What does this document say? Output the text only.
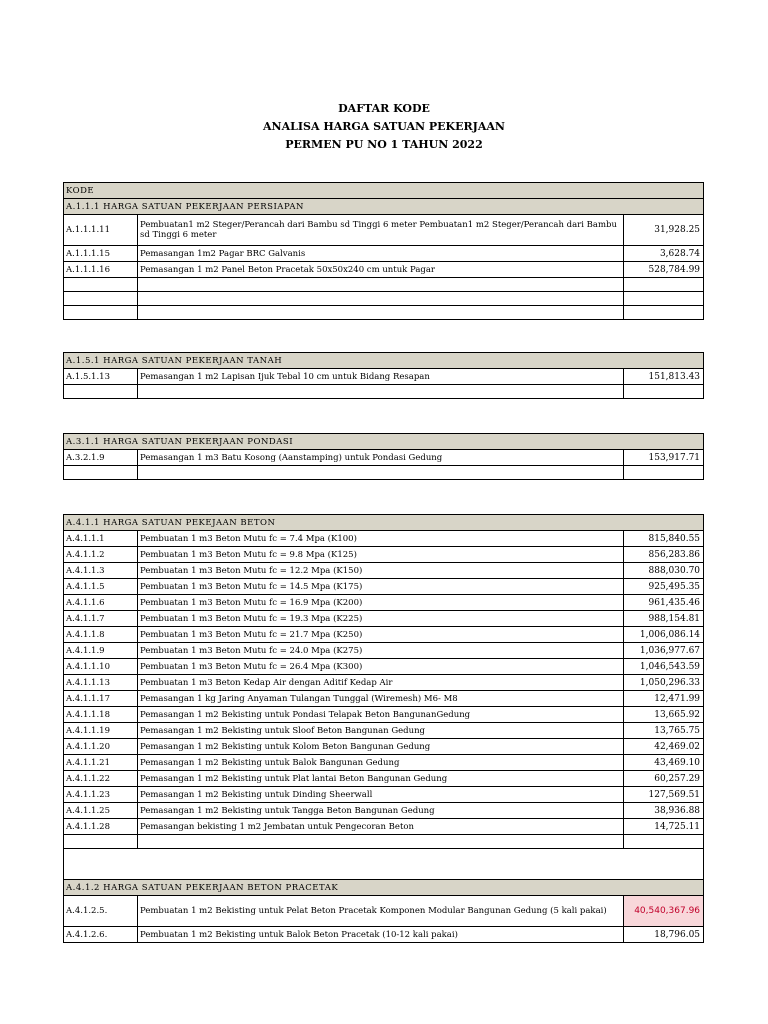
DAFTAR KODE
ANALISA HARGA SATUAN PEKERJAAN
PERMEN PU NO 1 TAHUN 2022
KODE		
A.1.1.1 HARGA SATUAN PEKERJAAN PERSIAPAN		
A.1.1.1.11	Pembuatan1 m2 Steger/Perancah dari Bambu sd Tinggi 6 meter Pembuatan1 m2 Steger/Perancah dari Bambu sd Tinggi 6 meter	31,928.25
A.1.1.1.15	Pemasangan 1m2 Pagar BRC Galvanis	3,628.74
A.1.1.1.16	Pemasangan 1 m2 Panel Beton Pracetak 50x50x240 cm untuk Pagar	528,784.99

A.1.5.1 HARGA SATUAN PEKERJAAN TANAH		
A.1.5.1.13	Pemasangan 1 m2 Lapisan Ijuk Tebal 10 cm untuk Bidang Resapan	151,813.43

A.3.1.1 HARGA SATUAN PEKERJAAN PONDASI		
A.3.2.1.9	Pemasangan 1 m3 Batu Kosong (Aanstamping) untuk Pondasi Gedung	153,917.71

A.4.1.1 HARGA SATUAN PEKEJAAN BETON		
A.4.1.1.1	Pembuatan 1 m3 Beton Mutu fc = 7.4 Mpa (K100)	815,840.55
A.4.1.1.2	Pembuatan 1 m3 Beton Mutu fc = 9.8 Mpa (K125)	856,283.86
A.4.1.1.3	Pembuatan 1 m3 Beton Mutu fc = 12.2 Mpa (K150)	888,030.70
A.4.1.1.5	Pembuatan 1 m3 Beton Mutu fc = 14.5 Mpa (K175)	925,495.35
A.4.1.1.6	Pembuatan 1 m3 Beton Mutu fc = 16.9 Mpa (K200)	961,435.46
A.4.1.1.7	Pembuatan 1 m3 Beton Mutu fc = 19.3 Mpa (K225)	988,154.81
A.4.1.1.8	Pembuatan 1 m3 Beton Mutu fc = 21.7 Mpa (K250)	1,006,086.14
A.4.1.1.9	Pembuatan 1 m3 Beton Mutu fc = 24.0 Mpa (K275)	1,036,977.67
A.4.1.1.10	Pembuatan 1 m3 Beton Mutu fc = 26.4 Mpa (K300)	1,046,543.59
A.4.1.1.13	Pembuatan 1 m3 Beton Kedap Air dengan Aditif Kedap Air	1,050,296.33
A.4.1.1.17	Pemasangan 1 kg Jaring Anyaman Tulangan Tunggal (Wiremesh) M6- M8	12,471.99
A.4.1.1.18	Pemasangan 1 m2 Bekisting untuk Pondasi Telapak Beton BangunanGedung	13,665.92
A.4.1.1.19	Pemasangan 1 m2 Bekisting untuk Sloof Beton Bangunan Gedung	13,765.75
A.4.1.1.20	Pemasangan 1 m2 Bekisting untuk Kolom Beton Bangunan Gedung	42,469.02
A.4.1.1.21	Pemasangan 1 m2 Bekisting untuk Balok Bangunan Gedung	43,469.10
A.4.1.1.22	Pemasangan 1 m2 Bekisting untuk Plat lantai Beton Bangunan Gedung	60,257.29
A.4.1.1.23	Pemasangan 1 m2 Bekisting untuk Dinding Sheerwall	127,569.51
A.4.1.1.25	Pemasangan 1 m2 Bekisting untuk Tangga Beton Bangunan Gedung	38,936.88
A.4.1.1.28	Pemasangan bekisting 1 m2 Jembatan untuk Pengecoran Beton	14,725.11

A.4.1.2 HARGA SATUAN PEKERJAAN BETON PRACETAK		
A.4.1.2.5.	Pembuatan 1 m2 Bekisting untuk Pelat Beton Pracetak Komponen Modular Bangunan Gedung (5 kali pakai)	40,540,367.96
A.4.1.2.6.	Pembuatan 1 m2 Bekisting untuk Balok Beton Pracetak (10-12 kali pakai)	18,796.05
